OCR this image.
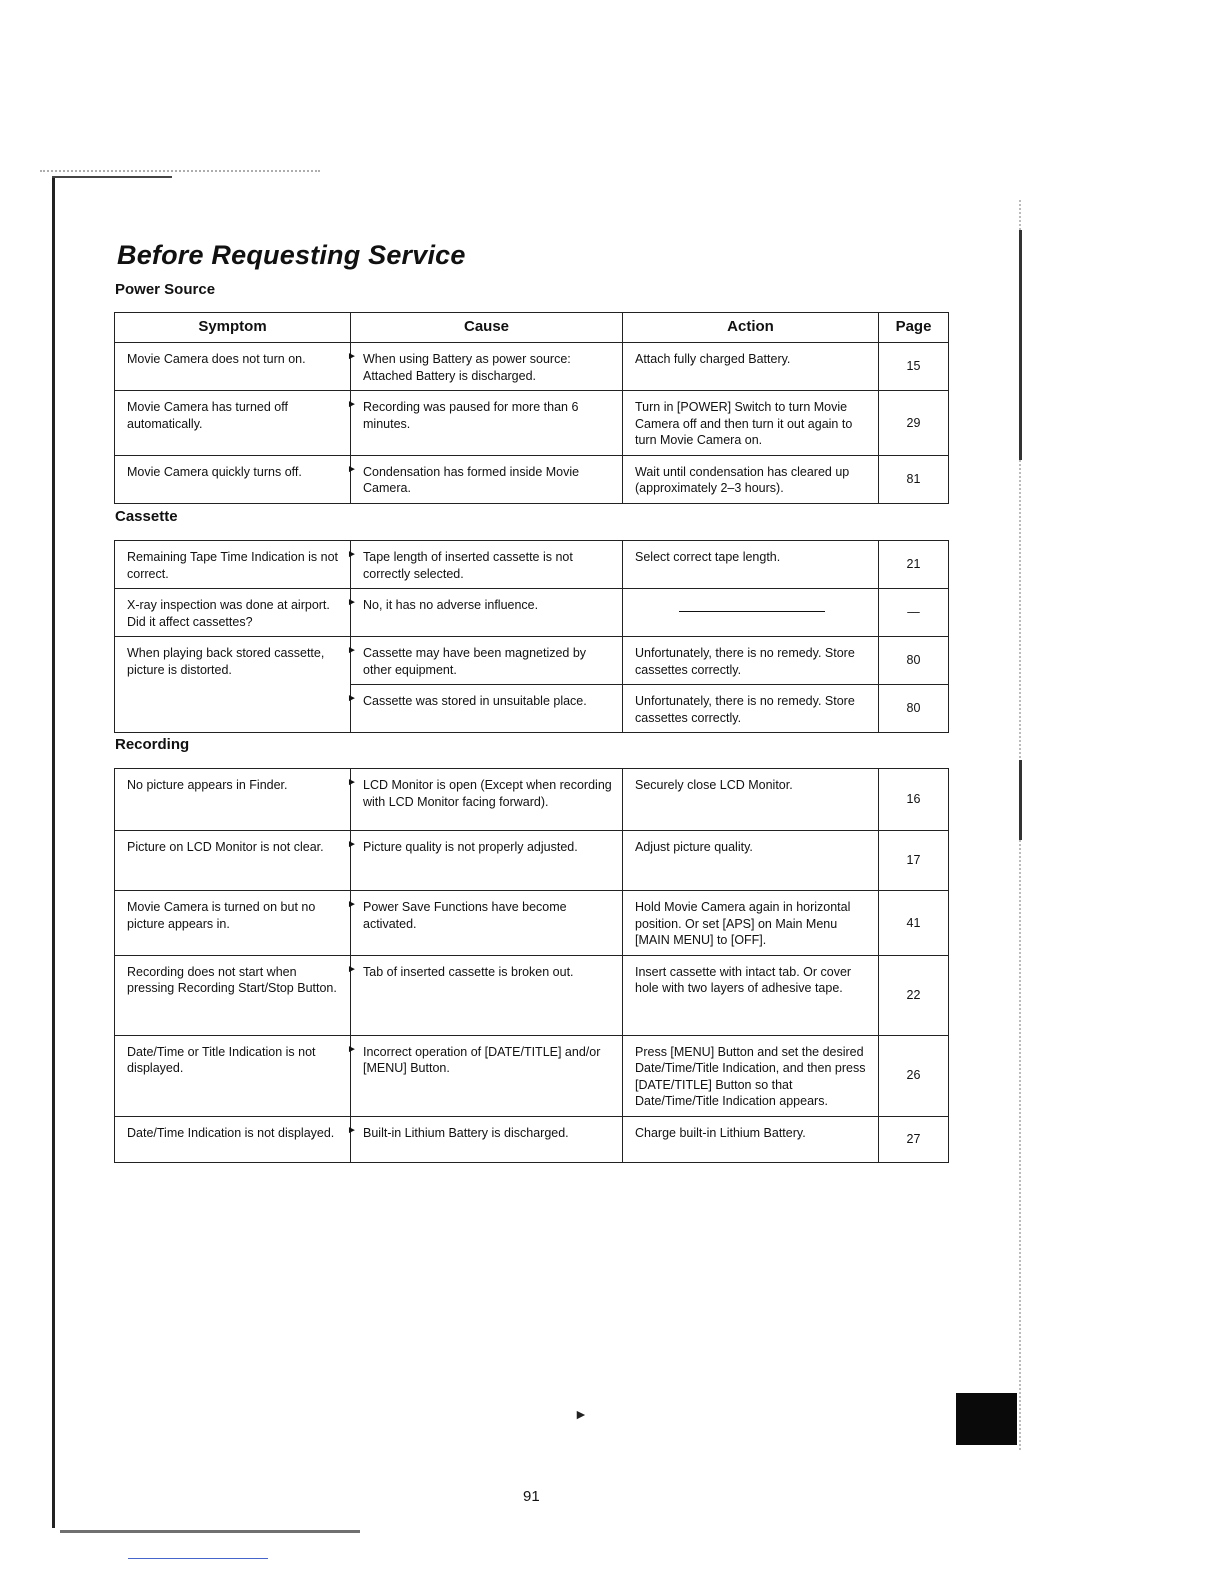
►
Before Requesting Service
Power Source
Symptom	Cause	Action	Page
Movie Camera does not turn on.	► When using Battery as power source: Attached Battery is discharged.	Attach fully charged Battery.	15
Movie Camera has turned off automatically.	► Recording was paused for more than 6 minutes.	Turn in [POWER] Switch to turn Movie Camera off and then turn it out again to turn Movie Camera on.	29
Movie Camera quickly turns off.	► Condensation has formed inside Movie Camera.	Wait until condensation has cleared up (approximately 2–3 hours).	81
Cassette
Remaining Tape Time Indication is not correct.	► Tape length of inserted cassette is not correctly selected.	Select correct tape length.	21
X-ray inspection was done at airport. Did it affect cassettes?	► No, it has no adverse influence.		—
When playing back stored cassette, picture is distorted.	► Cassette may have been magnetized by other equipment.	Unfortunately, there is no remedy. Store cassettes correctly.	80

	► Cassette was stored in unsuitable place.	Unfortunately, there is no remedy. Store cassettes correctly.	80
Recording
No picture appears in Finder.	► LCD Monitor is open (Except when recording with LCD Monitor facing forward).	Securely close LCD Monitor.	16
Picture on LCD Monitor is not clear.	► Picture quality is not properly adjusted.	Adjust picture quality.	17
Movie Camera is turned on but no picture appears in.	► Power Save Functions have become activated.	Hold Movie Camera again in horizontal position. Or set [APS] on Main Menu [MAIN MENU] to [OFF].	41
Recording does not start when pressing Recording Start/Stop Button.	► Tab of inserted cassette is broken out.	Insert cassette with intact tab. Or cover hole with two layers of adhesive tape.	22
Date/Time or Title Indication is not displayed.	► Incorrect operation of [DATE/TITLE] and/or [MENU] Button.	Press [MENU] Button and set the desired Date/Time/Title Indication, and then press [DATE/TITLE] Button so that Date/Time/Title Indication appears.	26
Date/Time Indication is not displayed.	► Built-in Lithium Battery is discharged.	Charge built-in Lithium Battery.	27
91
